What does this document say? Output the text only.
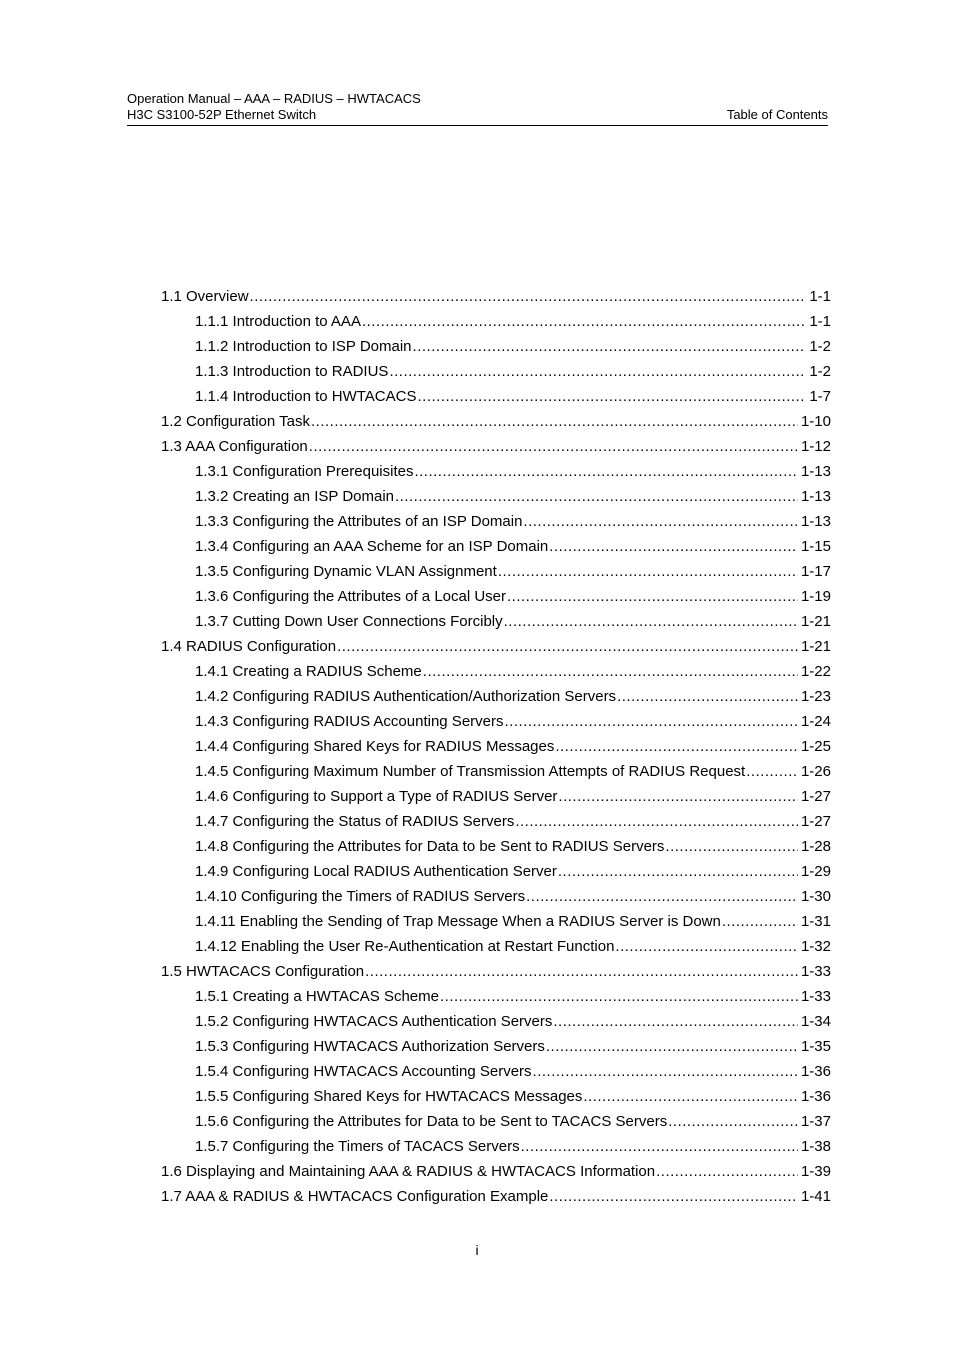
Operation Manual – AAA – RADIUS – HWTACACS
H3C S3100-52P Ethernet Switch	Table of Contents
1.1 Overview .....	1-1
1.1.1 Introduction to AAA .....	1-1
1.1.2 Introduction to ISP Domain .....	1-2
1.1.3 Introduction to RADIUS .....	1-2
1.1.4 Introduction to HWTACACS .....	1-7
1.2 Configuration Task .....	1-10
1.3 AAA Configuration .....	1-12
1.3.1 Configuration Prerequisites .....	1-13
1.3.2 Creating an ISP Domain .....	1-13
1.3.3 Configuring the Attributes of an ISP Domain .....	1-13
1.3.4 Configuring an AAA Scheme for an ISP Domain .....	1-15
1.3.5 Configuring Dynamic VLAN Assignment .....	1-17
1.3.6 Configuring the Attributes of a Local User .....	1-19
1.3.7 Cutting Down User Connections Forcibly .....	1-21
1.4 RADIUS Configuration .....	1-21
1.4.1 Creating a RADIUS Scheme .....	1-22
1.4.2 Configuring RADIUS Authentication/Authorization Servers .....	1-23
1.4.3 Configuring RADIUS Accounting Servers .....	1-24
1.4.4 Configuring Shared Keys for RADIUS Messages .....	1-25
1.4.5 Configuring Maximum Number of Transmission Attempts of RADIUS Request .....	1-26
1.4.6 Configuring to Support a Type of RADIUS Server .....	1-27
1.4.7 Configuring the Status of RADIUS Servers .....	1-27
1.4.8 Configuring the Attributes for Data to be Sent to RADIUS Servers .....	1-28
1.4.9 Configuring Local RADIUS Authentication Server .....	1-29
1.4.10 Configuring the Timers of RADIUS Servers .....	1-30
1.4.11 Enabling the Sending of Trap Message When a RADIUS Server is Down .....	1-31
1.4.12 Enabling the User Re-Authentication at Restart Function .....	1-32
1.5 HWTACACS Configuration .....	1-33
1.5.1 Creating a HWTACAS Scheme .....	1-33
1.5.2 Configuring HWTACACS Authentication Servers .....	1-34
1.5.3 Configuring HWTACACS Authorization Servers .....	1-35
1.5.4 Configuring HWTACACS Accounting Servers .....	1-36
1.5.5 Configuring Shared Keys for HWTACACS Messages .....	1-36
1.5.6 Configuring the Attributes for Data to be Sent to TACACS Servers .....	1-37
1.5.7 Configuring the Timers of TACACS Servers .....	1-38
1.6 Displaying and Maintaining AAA & RADIUS & HWTACACS Information .....	1-39
1.7 AAA & RADIUS & HWTACACS Configuration Example .....	1-41
i
